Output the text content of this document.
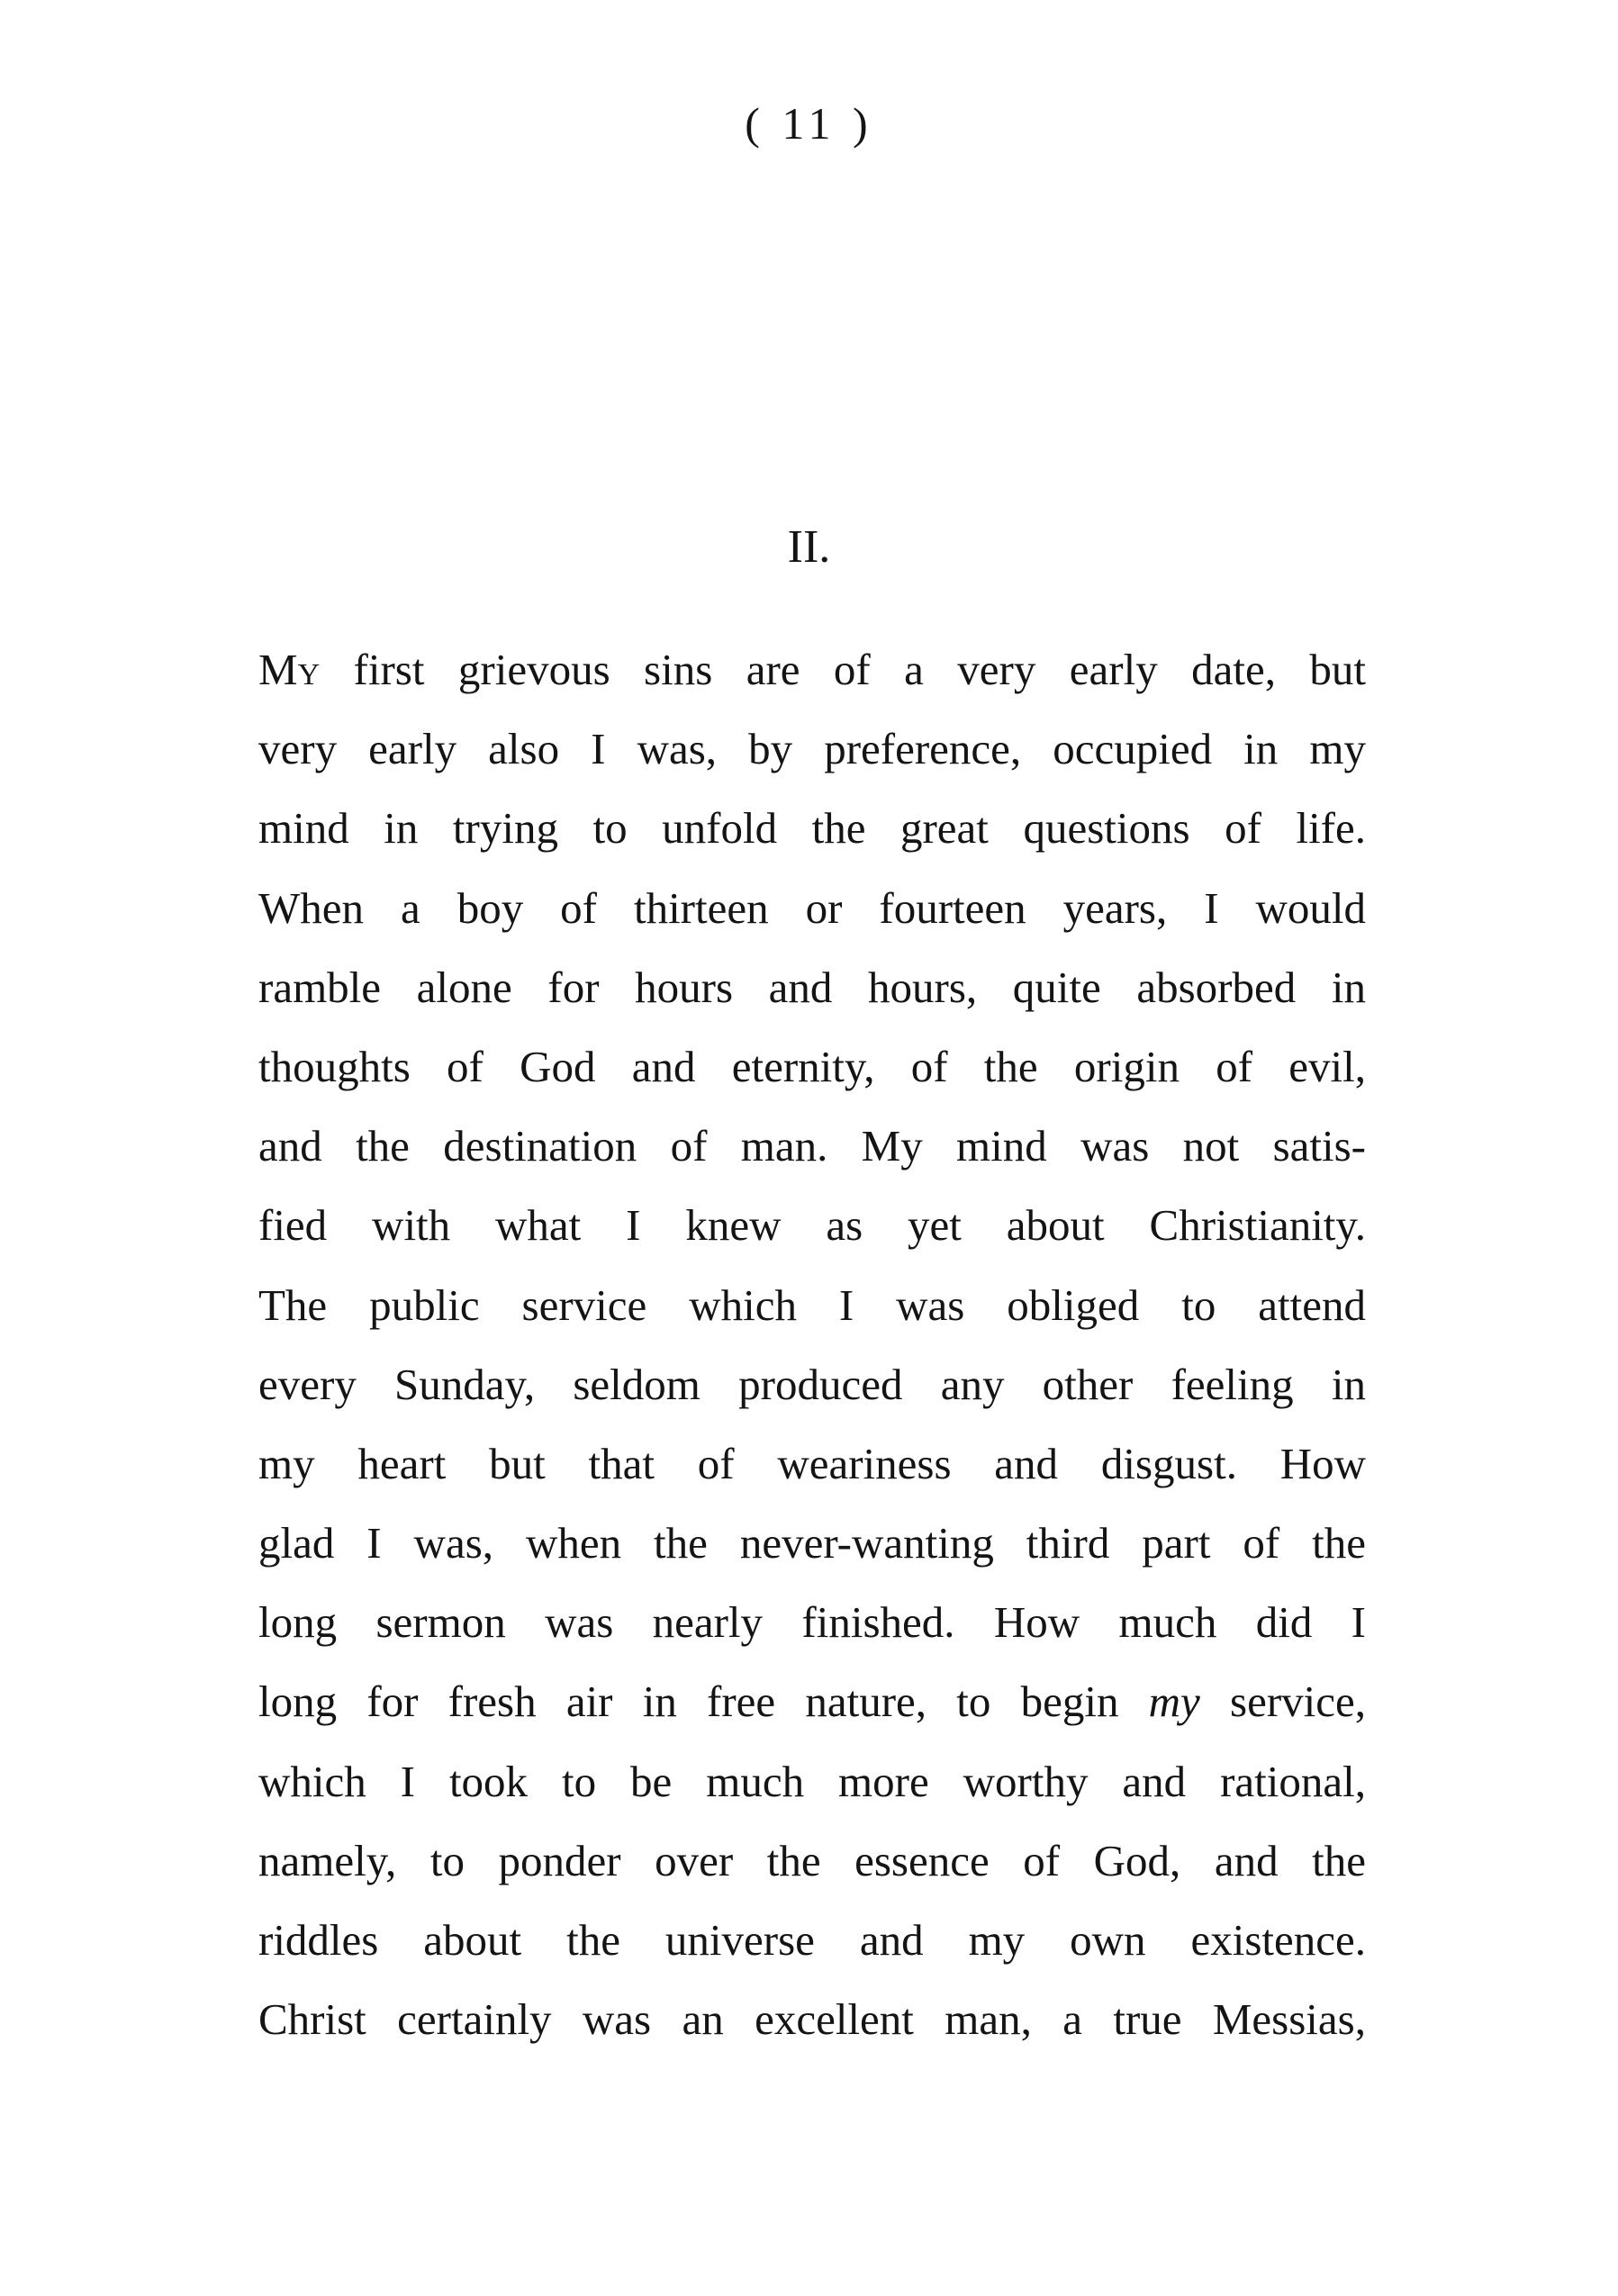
( 11 )
II.
My first grievous sins are of a very early date, but
very early also I was, by preference, occupied in my
mind in trying to unfold the great questions of life.
When a boy of thirteen or fourteen years, I would
ramble alone for hours and hours, quite absorbed in
thoughts of God and eternity, of the origin of evil,
and the destination of man. My mind was not satis-
fied with what I knew as yet about Christianity.
The public service which I was obliged to attend
every Sunday, seldom produced any other feeling in
my heart but that of weariness and disgust. How
glad I was, when the never-wanting third part of the
long sermon was nearly finished. How much did I
long for fresh air in free nature, to begin my service,
which I took to be much more worthy and rational,
namely, to ponder over the essence of God, and the
riddles about the universe and my own existence.
Christ certainly was an excellent man, a true Messias,
